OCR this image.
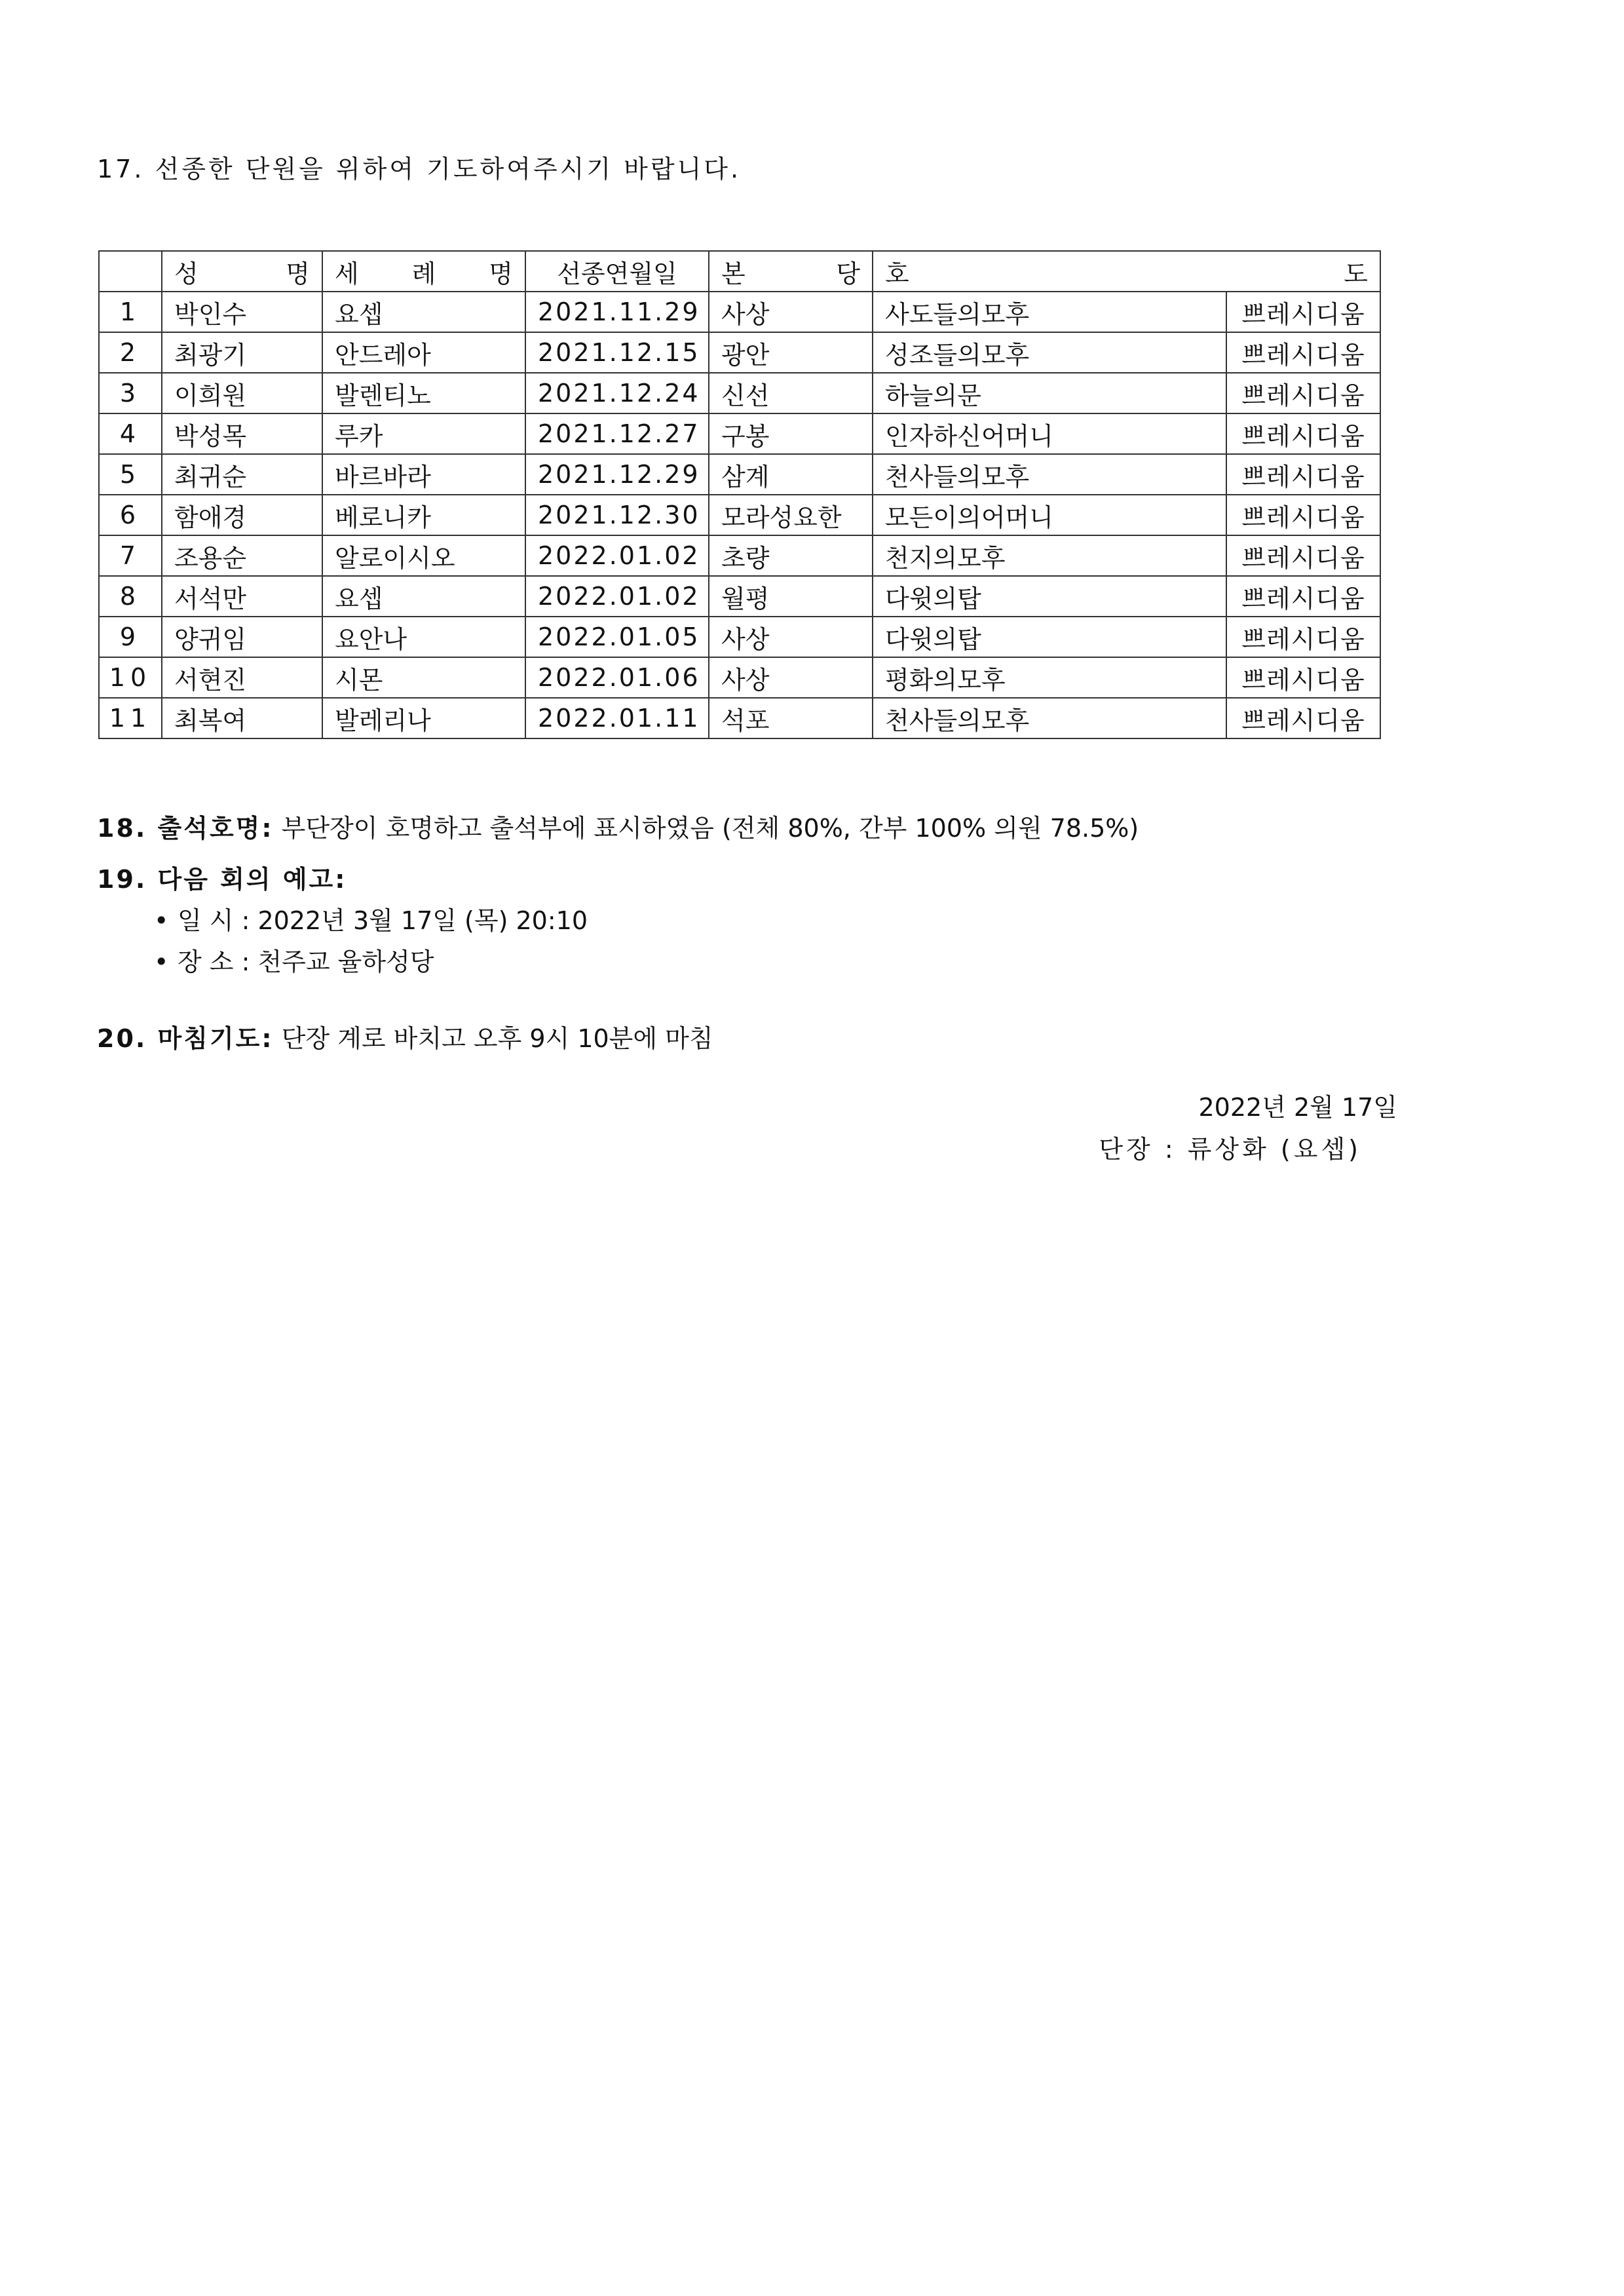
17. 선종한 단원을 위하여 기도하여주시기 바랍니다.
	성 명	세 례 명	선종연월일	본 당	호 도	
1	박인수	요셉	2021.11.29	사상	사도들의모후	쁘레시디움
2	최광기	안드레아	2021.12.15	광안	성조들의모후	쁘레시디움
3	이희원	발렌티노	2021.12.24	신선	하늘의문	쁘레시디움
4	박성목	루카	2021.12.27	구봉	인자하신어머니	쁘레시디움
5	최귀순	바르바라	2021.12.29	삼계	천사들의모후	쁘레시디움
6	함애경	베로니카	2021.12.30	모라성요한	모든이의어머니	쁘레시디움
7	조용순	알로이시오	2022.01.02	초량	천지의모후	쁘레시디움
8	서석만	요셉	2022.01.02	월평	다윗의탑	쁘레시디움
9	양귀임	요안나	2022.01.05	사상	다윗의탑	쁘레시디움
10	서현진	시몬	2022.01.06	사상	평화의모후	쁘레시디움
11	최복여	발레리나	2022.01.11	석포	천사들의모후	쁘레시디움
18. 출석호명: 부단장이 호명하고 출석부에 표시하였음 (전체 80%, 간부 100% 의원 78.5%)
19. 다음 회의 예고:
• 일 시 : 2022년 3월 17일 (목) 20:10
• 장 소 : 천주교 율하성당
20. 마침기도: 단장 계로 바치고 오후 9시 10분에 마침
2022년 2월 17일
단장 : 류상화 (요셉)
